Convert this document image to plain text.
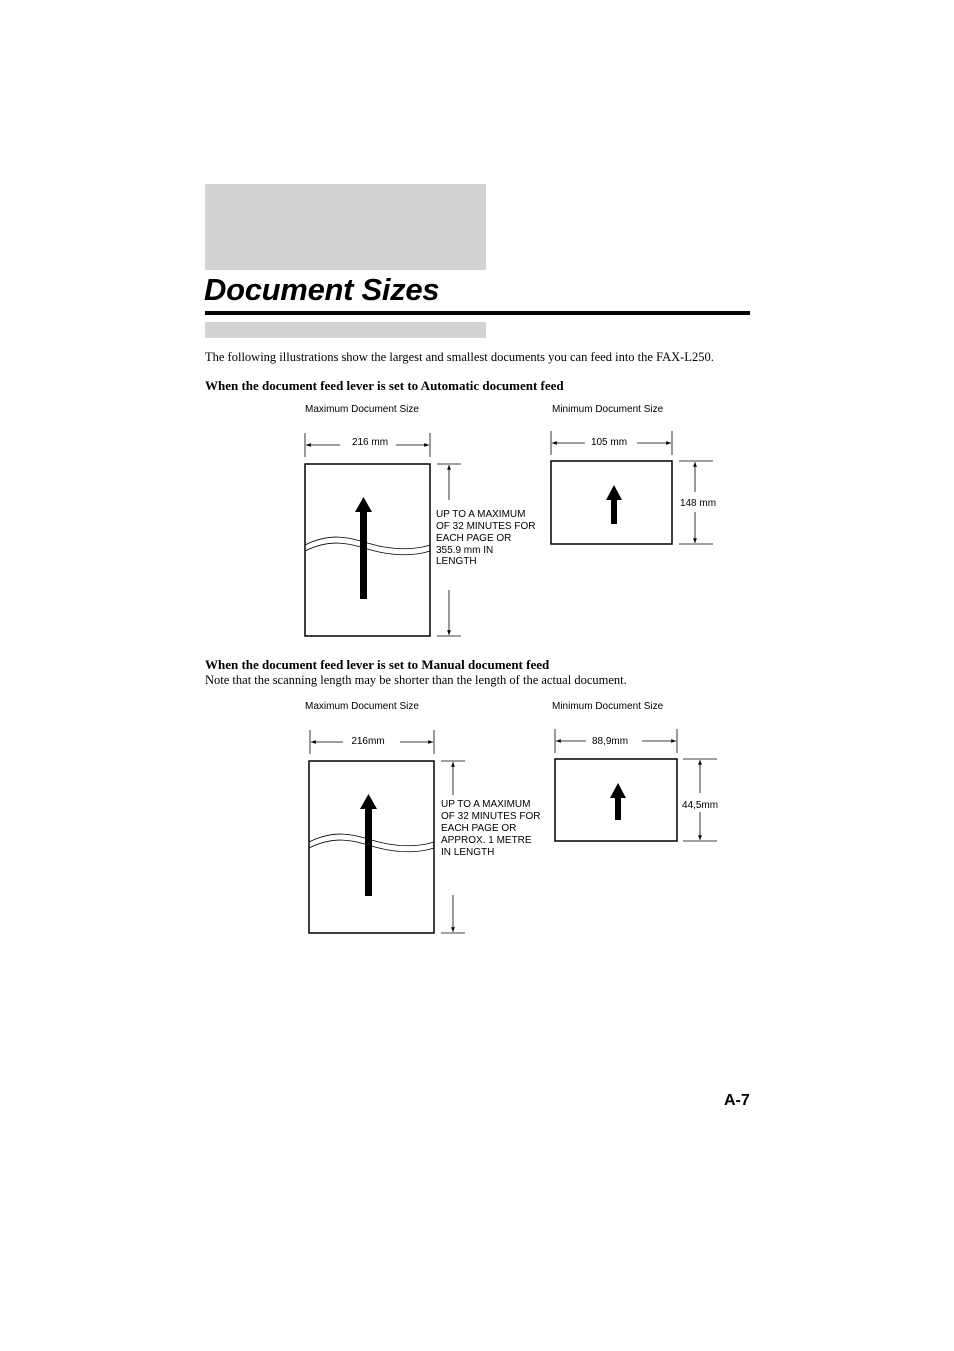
Document Sizes
The following illustrations show the largest and smallest documents you can feed into the FAX-L250.
When the document feed lever is set to Automatic document feed
When the document feed lever is set to Manual document feed
Note that the scanning length may be shorter than the length of the actual document.
Maximum Document Size
216 mm
UP TO A MAXIMUM
OF 32 MINUTES FOR
EACH PAGE OR
355.9 mm IN
LENGTH
Minimum Document Size
105 mm
148 mm
Maximum Document Size
216mm
UP TO A MAXIMUM
OF 32 MINUTES FOR
EACH PAGE OR
APPROX. 1 METRE
IN LENGTH
Minimum Document Size
88,9mm
44,5mm
A-7
